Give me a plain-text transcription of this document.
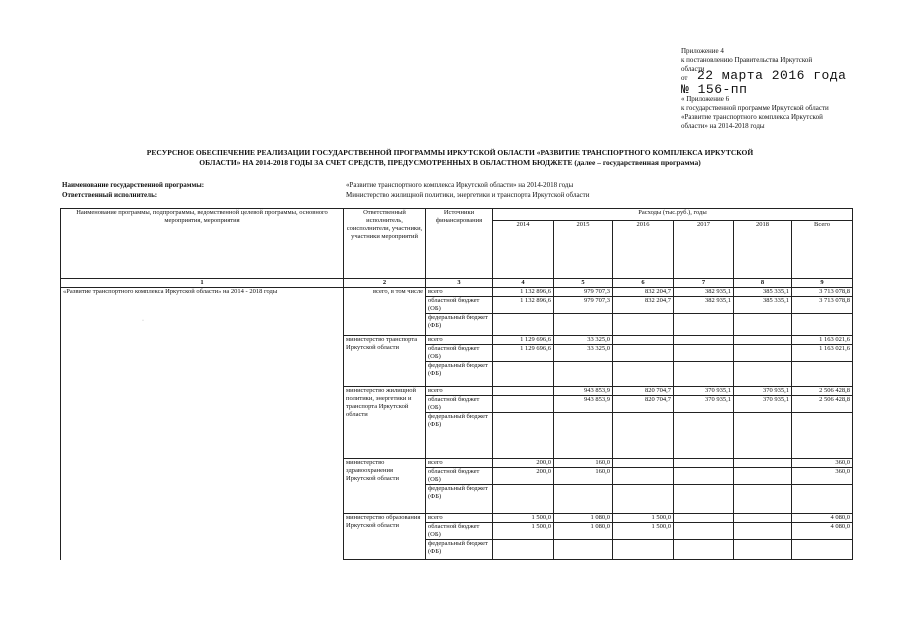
Приложение 4
к постановлению Правительства Иркутской
области
от 22 марта 2016 года
№ 156-пп
« Приложение 6
к государственной программе Иркутской области
«Развитие транспортного комплекса Иркутской
области» на 2014-2018 годы
РЕСУРСНОЕ ОБЕСПЕЧЕНИЕ РЕАЛИЗАЦИИ ГОСУДАРСТВЕННОЙ ПРОГРАММЫ ИРКУТСКОЙ ОБЛАСТИ «РАЗВИТИЕ ТРАНСПОРТНОГО КОМПЛЕКСА ИРКУТСКОЙ
ОБЛАСТИ» НА 2014-2018 ГОДЫ ЗА СЧЕТ СРЕДСТВ, ПРЕДУСМОТРЕННЫХ В ОБЛАСТНОМ БЮДЖЕТЕ (далее – государственная программа)
Наименование государственной программы:	«Развитие транспортного комплекса Иркутской области» на 2014-2018 годы
Ответственный исполнитель:	Министерство жилищной политики, энергетики и транспорта Иркутской области
·
Наименование программы, подпрограммы, ведомственной целевой программы, основного мероприятия, мероприятия	Ответственный исполнитель, соисполнители, участники, участники мероприятий	Источники финансирования	Расходы (тыс.руб.), годы					
			2014	2015	2016	2017	2018	Всего
1	2	3	4	5	6	7	8	9
«Развитие транспортного комплекса Иркутской области» на 2014 - 2018 годы	всего, в том числе	всего	1 132 896,6	979 707,3	832 204,7	382 935,1	385 335,1	3 713 078,8
		областной бюджет (ОБ)	1 132 896,6	979 707,3	832 204,7	382 935,1	385 335,1	3 713 078,8
		федеральный бюджет (ФБ)						
	министерство транспорта Иркутской области	всего	1 129 696,6	33 325,0				1 163 021,6
		областной бюджет (ОБ)	1 129 696,6	33 325,0				1 163 021,6
		федеральный бюджет (ФБ)						
	министерство жилищной политики, энергетики и транспорта Иркутской области	всего		943 853,9	820 704,7	370 935,1	370 935,1	2 506 428,8
		областной бюджет (ОБ)		943 853,9	820 704,7	370 935,1	370 935,1	2 506 428,8
		федеральный бюджет (ФБ)						
	министерство здравоохранения Иркутской области	всего	200,0	160,0				360,0
		областной бюджет (ОБ)	200,0	160,0				360,0
		федеральный бюджет (ФБ)						
	министерство образования Иркутской области	всего	1 500,0	1 080,0	1 500,0			4 080,0
		областной бюджет (ОБ)	1 500,0	1 080,0	1 500,0			4 080,0
		федеральный бюджет (ФБ)						
